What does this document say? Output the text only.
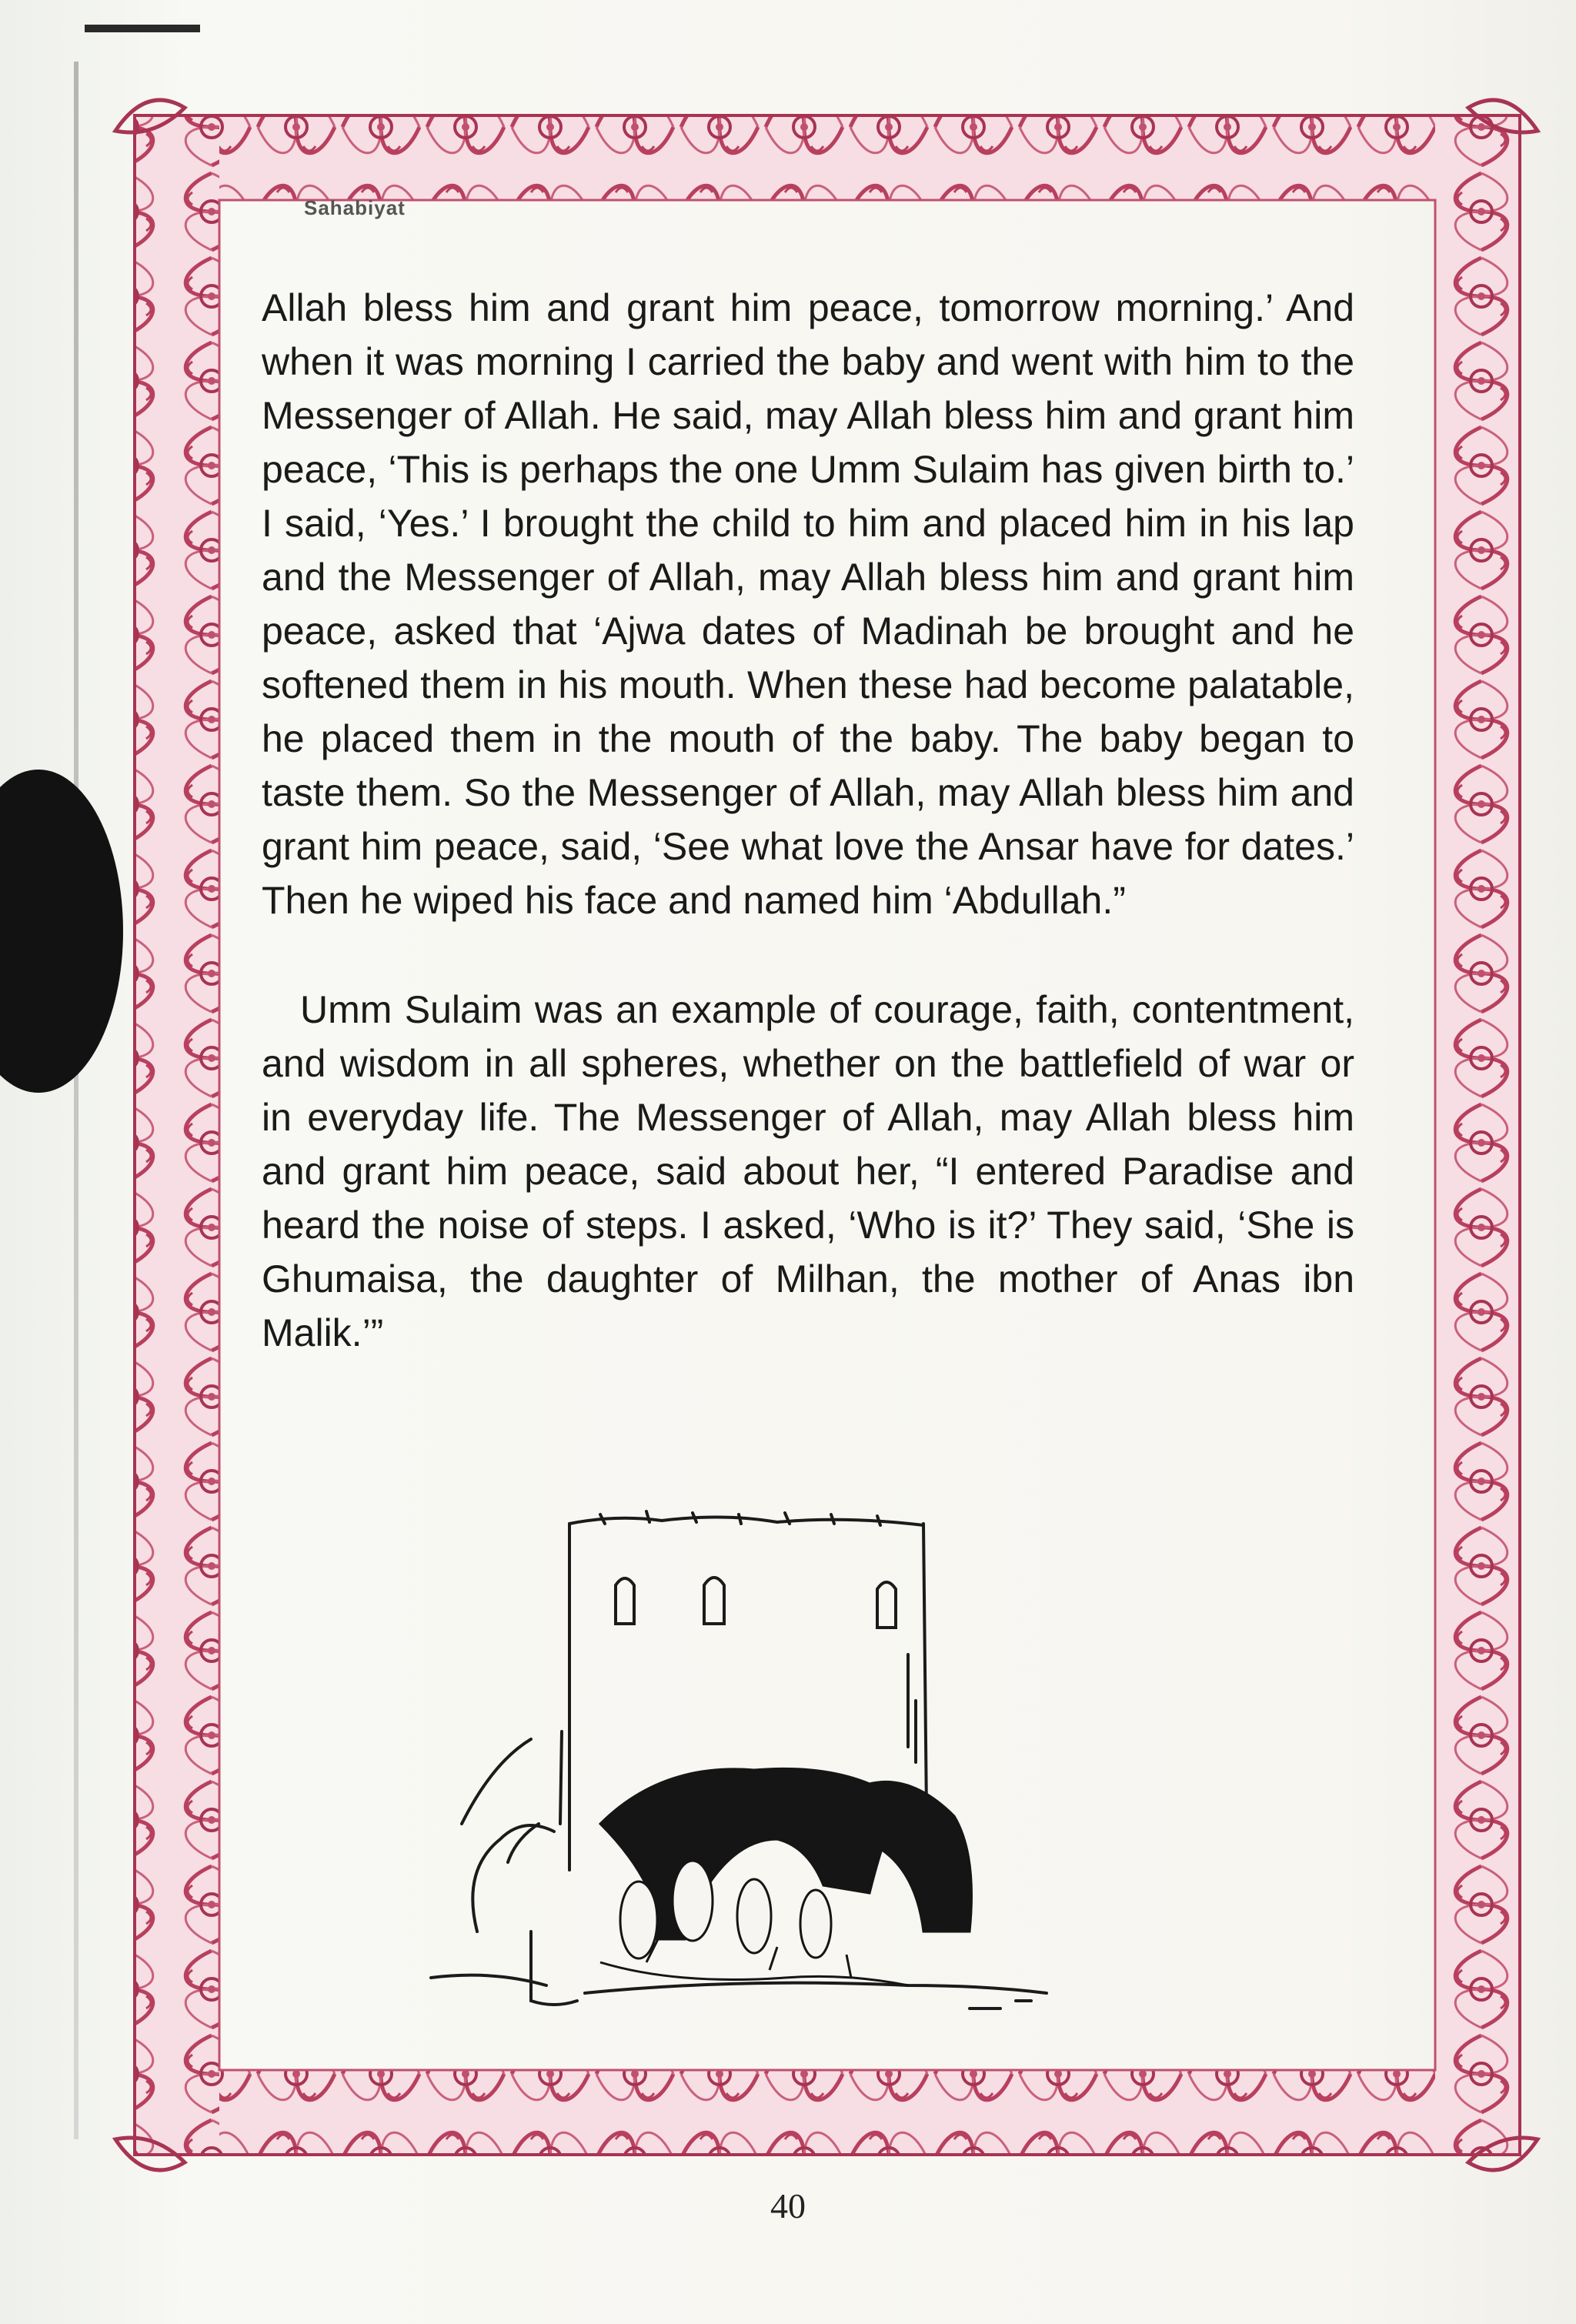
Sahabiyat

Allah bless him and grant him peace, tomorrow morning.’ And when it was morning I carried the baby and went with him to the Messenger of Allah. He said, may Allah bless him and grant him peace, ‘This is perhaps the one Umm Sulaim has given birth to.’ I said, ‘Yes.’ I brought the child to him and placed him in his lap and the Messenger of Allah, may Allah bless him and grant him peace, asked that ‘Ajwa dates of Madinah be brought and he softened them in his mouth. When these had become palatable, he placed them in the mouth of the baby. The baby began to taste them. So the Messenger of Allah, may Allah bless him and grant him peace, said, ‘See what love the Ansar have for dates.’ Then he wiped his face and named him ‘Abdullah.”

Umm Sulaim was an example of courage, faith, contentment, and wisdom in all spheres, whether on the battlefield of war or in everyday life. The Messenger of Allah, may Allah bless him and grant him peace, said about her, “I entered Paradise and heard the noise of steps. I asked, ‘Who is it?’ They said, ‘She is Ghumaisa, the daughter of Milhan, the mother of Anas ibn Malik.’”

40
